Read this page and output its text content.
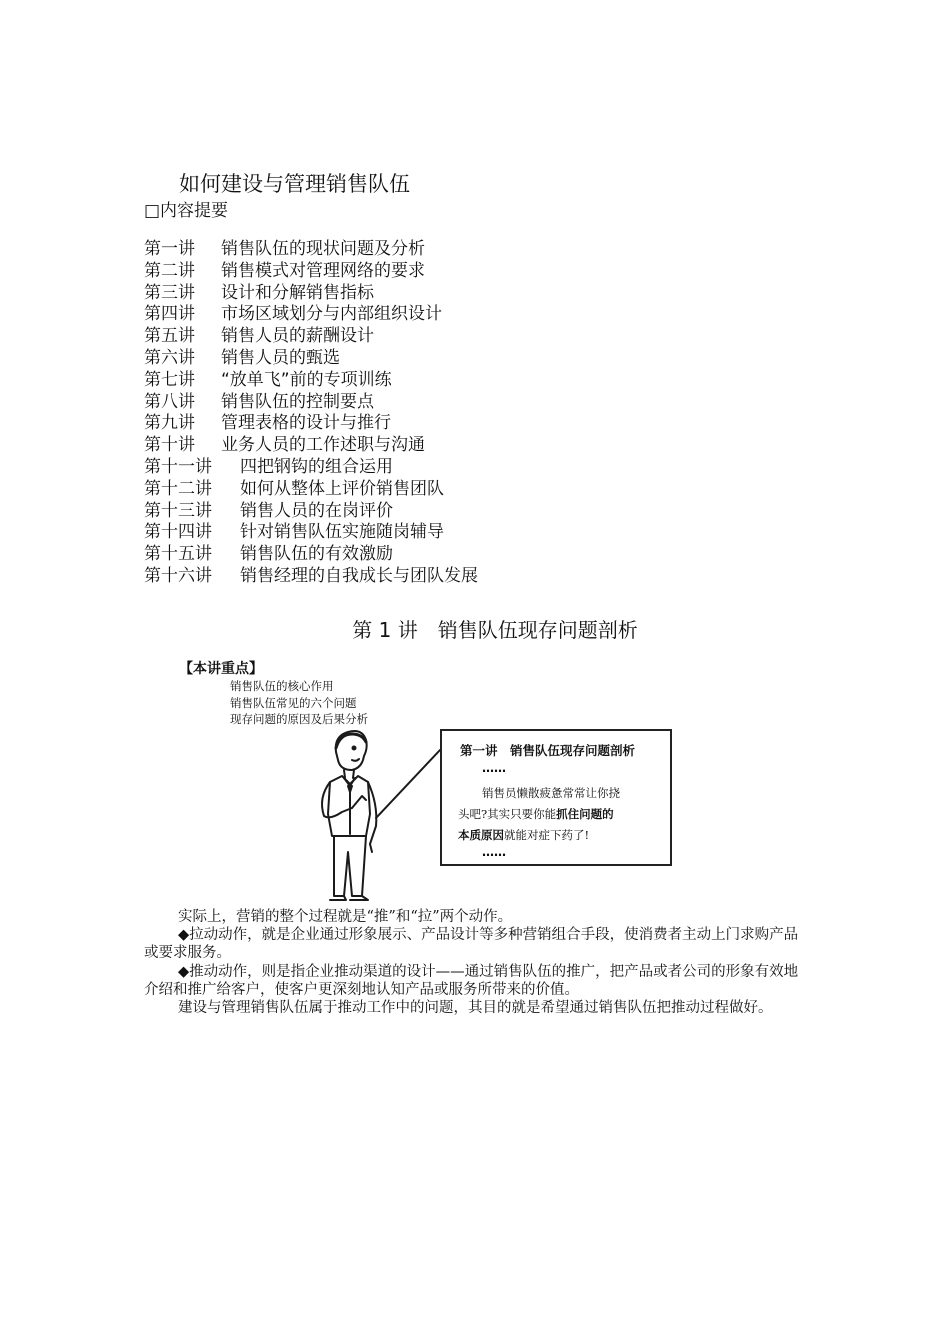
如何建设与管理销售队伍
□内容提要
第一讲	销售队伍的现状问题及分析
第二讲	销售模式对管理网络的要求
第三讲	设计和分解销售指标
第四讲	市场区域划分与内部组织设计
第五讲	销售人员的薪酬设计
第六讲	销售人员的甄选
第七讲	“放单飞”前的专项训练
第八讲	销售队伍的控制要点
第九讲	管理表格的设计与推行
第十讲	业务人员的工作述职与沟通
第十一讲	四把钢钩的组合运用
第十二讲	如何从整体上评价销售团队
第十三讲	销售人员的在岗评价
第十四讲	针对销售队伍实施随岗辅导
第十五讲	销售队伍的有效激励
第十六讲	销售经理的自我成长与团队发展
第 1 讲　销售队伍现存问题剖析
【本讲重点】
销售队伍的核心作用
销售队伍常见的六个问题
现存问题的原因及后果分析
第一讲　销售队伍现存问题剖析
……
销售员懒散疲惫常常让你挠
头吧?其实只要你能抓住问题的
本质原因就能对症下药了!
……

实际上，营销的整个过程就是“推”和“拉”两个动作。

◆拉动动作，就是企业通过形象展示、产品设计等多种营销组合手段，使消费者主动上门求购产品或要求服务。

◆推动动作，则是指企业推动渠道的设计——通过销售队伍的推广，把产品或者公司的形象有效地介绍和推广给客户，使客户更深刻地认知产品或服务所带来的价值。

建设与管理销售队伍属于推动工作中的问题，其目的就是希望通过销售队伍把推动过程做好。
